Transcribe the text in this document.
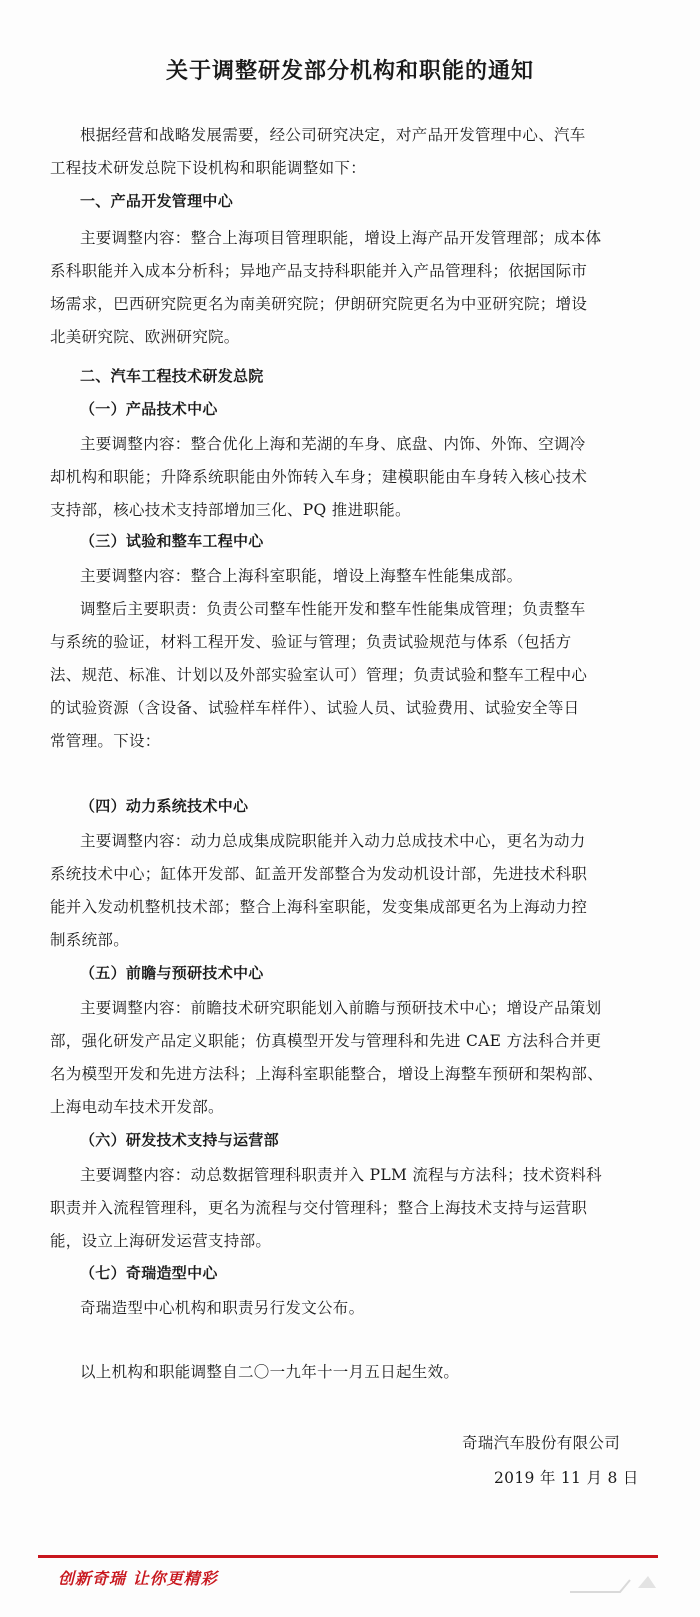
关于调整研发部分机构和职能的通知
根据经营和战略发展需要，经公司研究决定，对产品开发管理中心、汽车
工程技术研发总院下设机构和职能调整如下：
一、产品开发管理中心
主要调整内容：整合上海项目管理职能，增设上海产品开发管理部；成本体
系科职能并入成本分析科；异地产品支持科职能并入产品管理科；依据国际市
场需求，巴西研究院更名为南美研究院；伊朗研究院更名为中亚研究院；增设
北美研究院、欧洲研究院。
二、汽车工程技术研发总院
（一）产品技术中心
主要调整内容：整合优化上海和芜湖的车身、底盘、内饰、外饰、空调冷
却机构和职能；升降系统职能由外饰转入车身；建模职能由车身转入核心技术
支持部，核心技术支持部增加三化、PQ 推进职能。
（三）试验和整车工程中心
主要调整内容：整合上海科室职能，增设上海整车性能集成部。
调整后主要职责：负责公司整车性能开发和整车性能集成管理；负责整车
与系统的验证，材料工程开发、验证与管理；负责试验规范与体系（包括方
法、规范、标准、计划以及外部实验室认可）管理；负责试验和整车工程中心
的试验资源（含设备、试验样车样件）、试验人员、试验费用、试验安全等日
常管理。下设：
（四）动力系统技术中心
主要调整内容：动力总成集成院职能并入动力总成技术中心，更名为动力
系统技术中心；缸体开发部、缸盖开发部整合为发动机设计部，先进技术科职
能并入发动机整机技术部；整合上海科室职能，发变集成部更名为上海动力控
制系统部。
（五）前瞻与预研技术中心
主要调整内容：前瞻技术研究职能划入前瞻与预研技术中心；增设产品策划
部，强化研发产品定义职能；仿真模型开发与管理科和先进 CAE 方法科合并更
名为模型开发和先进方法科；上海科室职能整合，增设上海整车预研和架构部、
上海电动车技术开发部。
（六）研发技术支持与运营部
主要调整内容：动总数据管理科职责并入 PLM 流程与方法科；技术资料科
职责并入流程管理科，更名为流程与交付管理科；整合上海技术支持与运营职
能，设立上海研发运营支持部。
（七）奇瑞造型中心
奇瑞造型中心机构和职责另行发文公布。
以上机构和职能调整自二〇一九年十一月五日起生效。
奇瑞汽车股份有限公司
2019 年 11 月 8 日
创新奇瑞 让你更精彩
